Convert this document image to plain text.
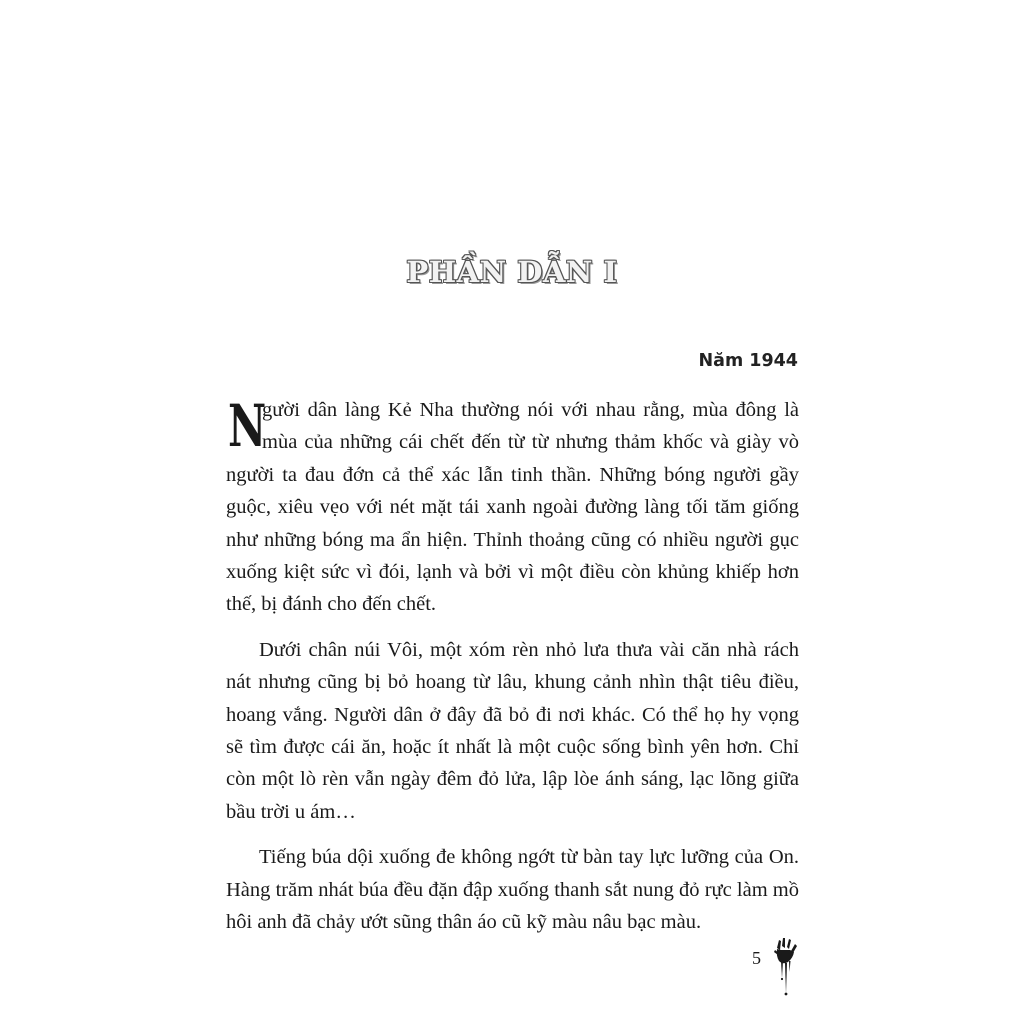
PHẦN DẪN I
Năm 1944

N
gười dân làng Kẻ Nha thường nói với nhau rằng, mùa đông là mùa của những cái chết đến từ từ nhưng thảm khốc và giày vò người ta đau đớn cả thể xác lẫn tinh thần. Những bóng người gầy guộc, xiêu vẹo với nét mặt tái xanh ngoài đường làng tối tăm giống như những bóng ma ẩn hiện. Thỉnh thoảng cũng có nhiều người gục xuống kiệt sức vì đói, lạnh và bởi vì một điều còn khủng khiếp hơn thế, bị đánh cho đến chết.

Dưới chân núi Vôi, một xóm rèn nhỏ lưa thưa vài căn nhà rách nát nhưng cũng bị bỏ hoang từ lâu, khung cảnh nhìn thật tiêu điều, hoang vắng. Người dân ở đây đã bỏ đi nơi khác. Có thể họ hy vọng sẽ tìm được cái ăn, hoặc ít nhất là một cuộc sống bình yên hơn. Chỉ còn một lò rèn vẫn ngày đêm đỏ lửa, lập lòe ánh sáng, lạc lõng giữa bầu trời u ám…

Tiếng búa dội xuống đe không ngớt từ bàn tay lực lưỡng của On. Hàng trăm nhát búa đều đặn đập xuống thanh sắt nung đỏ rực làm mồ hôi anh đã chảy ướt sũng thân áo cũ kỹ màu nâu bạc màu.

5
